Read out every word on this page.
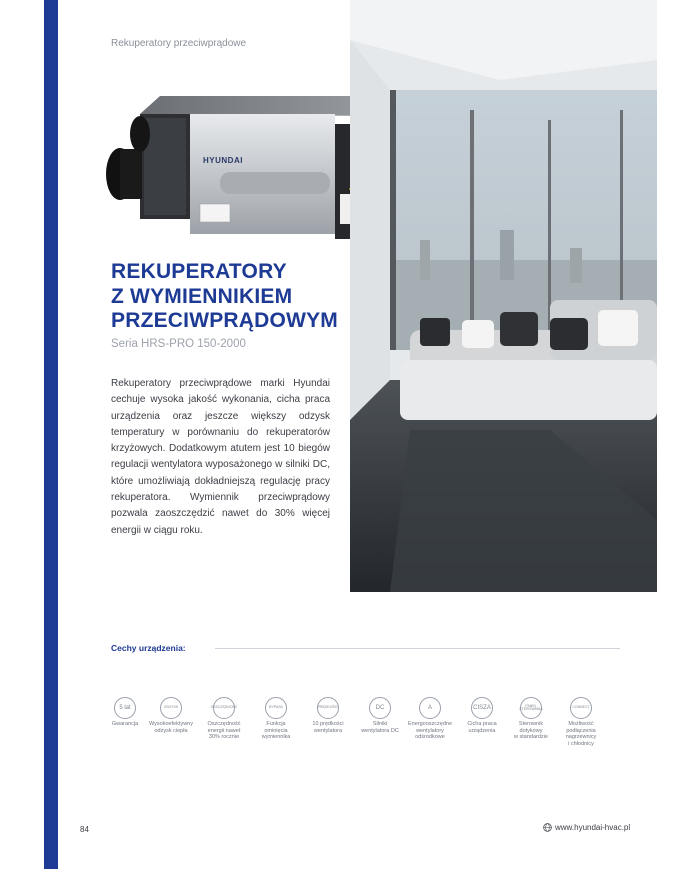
Rekuperatory przeciwprądowe
HYUNDAI
REKUPERATORY
Z WYMIENNIKIEM
PRZECIWPRĄDOWYM
Seria HRS-PRO 150-2000

Rekuperatory przeciwprądowe marki Hyundai cechuje wysoka jakość wykonania, cicha praca urządzenia oraz jeszcze większy odzysk temperatury w porównaniu do rekuperatorów krzyżowych. Dodatkowym atutem jest 10 biegów regulacji wentylatora wyposażonego w silniki DC, które umożliwiają dokładniejszą regulację pracy rekuperatora. Wymiennik przeciwprądowy pozwala zaoszczędzić nawet do 30% więcej energii w ciągu roku.

Cechy urządzenia:
5 lat
Gwarancja
ODZYSK
Wysokoefektywny
odzysk ciepła
OSZCZĘDNOŚĆ
Oszczędność
energii nawet
30% rocznie
BYPASS
Funkcja
ominięcia
wymiennika
PRĘDKOŚCI
10 prędkości
wentylatora
DC
Silniki
wentylatora DC
A
Energooszczędne
wentylatory
odśrodkowe
CISZA
Cicha praca
urządzenia
PANEL STEROWANIA
Sterownik
dotykowy
w standardzie
CONNECT
Możliwość
podłączenia
nagrzewnicy
i chłodnicy
84	www.hyundai-hvac.pl
